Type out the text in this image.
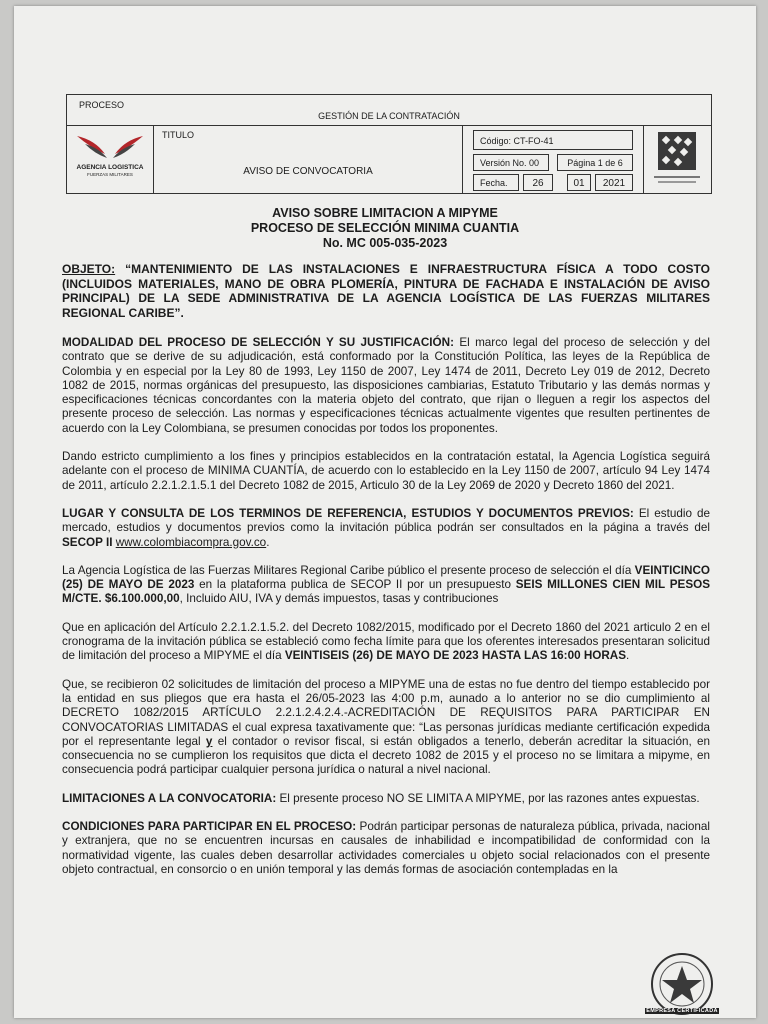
PROCESO
GESTIÓN DE LA CONTRATACIÓN
AGENCIA LOGISTICA
FUERZAS MILITARES
TITULO
AVISO DE CONVOCATORIA
Código: CT-FO-41
Versión No. 00	Página 1 de 6
Fecha.	26	01	2021
AVISO SOBRE LIMITACION A MIPYME
PROCESO DE SELECCIÓN MINIMA CUANTIA
No. MC 005-035-2023

OBJETO: “MANTENIMIENTO DE LAS INSTALACIONES E INFRAESTRUCTURA FÍSICA A TODO COSTO (INCLUIDOS MATERIALES, MANO DE OBRA PLOMERÍA, PINTURA DE FACHADA E INSTALACIÓN DE AVISO PRINCIPAL) DE LA SEDE ADMINISTRATIVA DE LA AGENCIA LOGÍSTICA DE LAS FUERZAS MILITARES REGIONAL CARIBE”.

MODALIDAD DEL PROCESO DE SELECCIÓN Y SU JUSTIFICACIÓN: El marco legal del proceso de selección y del contrato que se derive de su adjudicación, está conformado por la Constitución Política, las leyes de la República de Colombia y en especial por la Ley 80 de 1993, Ley 1150 de 2007, Ley 1474 de 2011, Decreto Ley 019 de 2012, Decreto 1082 de 2015, normas orgánicas del presupuesto, las disposiciones cambiarias, Estatuto Tributario y las demás normas y especificaciones técnicas concordantes con la materia objeto del contrato, que rijan o lleguen a regir los aspectos del presente proceso de selección. Las normas y especificaciones técnicas actualmente vigentes que resulten pertinentes de acuerdo con la Ley Colombiana, se presumen conocidas por todos los proponentes.

Dando estricto cumplimiento a los fines y principios establecidos en la contratación estatal, la Agencia Logística seguirá adelante con el proceso de MINIMA CUANTÍA, de acuerdo con lo establecido en la Ley 1150 de 2007, artículo 94 Ley 1474 de 2011, artículo 2.2.1.2.1.5.1 del Decreto 1082 de 2015, Articulo 30 de la Ley 2069 de 2020 y Decreto 1860 del 2021.

LUGAR Y CONSULTA DE LOS TERMINOS DE REFERENCIA, ESTUDIOS Y DOCUMENTOS PREVIOS: El estudio de mercado, estudios y documentos previos como la invitación pública podrán ser consultados en la página a través del SECOP II www.colombiacompra.gov.co.

La Agencia Logística de las Fuerzas Militares Regional Caribe público el presente proceso de selección el día VEINTICINCO (25) DE MAYO DE 2023 en la plataforma publica de SECOP II por un presupuesto SEIS MILLONES CIEN MIL PESOS M/CTE. $6.100.000,00, Incluido AIU, IVA y demás impuestos, tasas y contribuciones

Que en aplicación del Artículo 2.2.1.2.1.5.2. del Decreto 1082/2015, modificado por el Decreto 1860 del 2021 articulo 2 en el cronograma de la invitación pública se estableció como fecha límite para que los oferentes interesados presentaran solicitud de limitación del proceso a MIPYME el día VEINTISEIS (26) DE MAYO DE 2023 HASTA LAS 16:00 HORAS.

Que, se recibieron 02 solicitudes de limitación del proceso a MIPYME una de estas no fue dentro del tiempo establecido por la entidad en sus pliegos que era hasta el 26/05-2023 las 4:00 p.m, aunado a lo anterior no se dio cumplimiento al DECRETO 1082/2015 ARTÍCULO 2.2.1.2.4.2.4.-ACREDITACIÓN DE REQUISITOS PARA PARTICIPAR EN CONVOCATORIAS LIMITADAS el cual expresa taxativamente que: “Las personas jurídicas mediante certificación expedida por el representante legal y el contador o revisor fiscal, si están obligados a tenerlo, deberán acreditar la situación, en consecuencia no se cumplieron los requisitos que dicta el decreto 1082 de 2015 y el proceso no se limitara a mipyme, en consecuencia podrá participar cualquier persona jurídica o natural a nivel nacional.

LIMITACIONES A LA CONVOCATORIA: El presente proceso NO SE LIMITA A MIPYME, por las razones antes expuestas.

CONDICIONES PARA PARTICIPAR EN EL PROCESO: Podrán participar personas de naturaleza pública, privada, nacional y extranjera, que no se encuentren incursas en causales de inhabilidad e incompatibilidad de conformidad con la normatividad vigente, las cuales deben desarrollar actividades comerciales u objeto social relacionados con el presente objeto contractual, en consorcio o en unión temporal y las demás formas de asociación contempladas en la

EMPRESA CERTIFICADA
